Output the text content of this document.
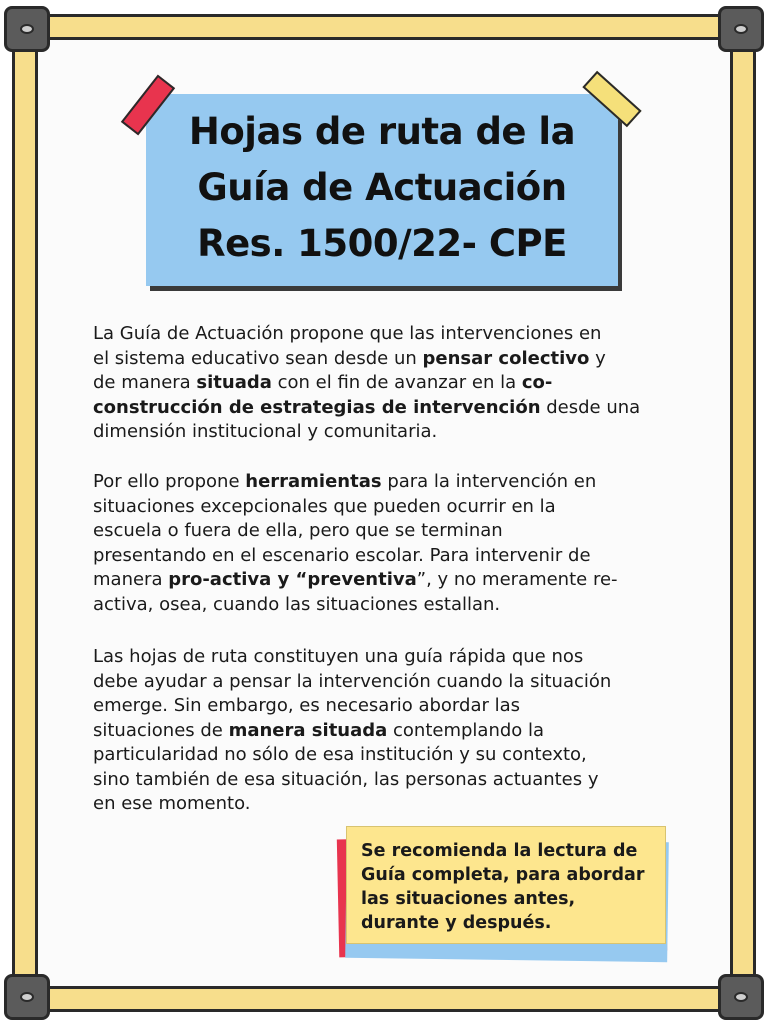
Hojas de ruta de la
Guía de Actuación
Res. 1500/22- CPE
La Guía de Actuación propone que las intervenciones en
el sistema educativo sean desde un pensar colectivo y
de manera situada con el fin de avanzar en la co-
construcción de estrategias de intervención desde una
dimensión institucional y comunitaria.
Por ello propone herramientas para la intervención en
situaciones excepcionales que pueden ocurrir en la
escuela o fuera de ella, pero que se terminan
presentando en el escenario escolar. Para intervenir de
manera pro-activa y “preventiva”, y no meramente re-
activa, osea, cuando las situaciones estallan.
Las hojas de ruta constituyen una guía rápida que nos
debe ayudar a pensar la intervención cuando la situación
emerge. Sin embargo, es necesario abordar las
situaciones de manera situada contemplando la
particularidad no sólo de esa institución y su contexto,
sino también de esa situación, las personas actuantes y
en ese momento.
Se recomienda la lectura de
Guía completa, para abordar
las situaciones antes,
durante y después.
